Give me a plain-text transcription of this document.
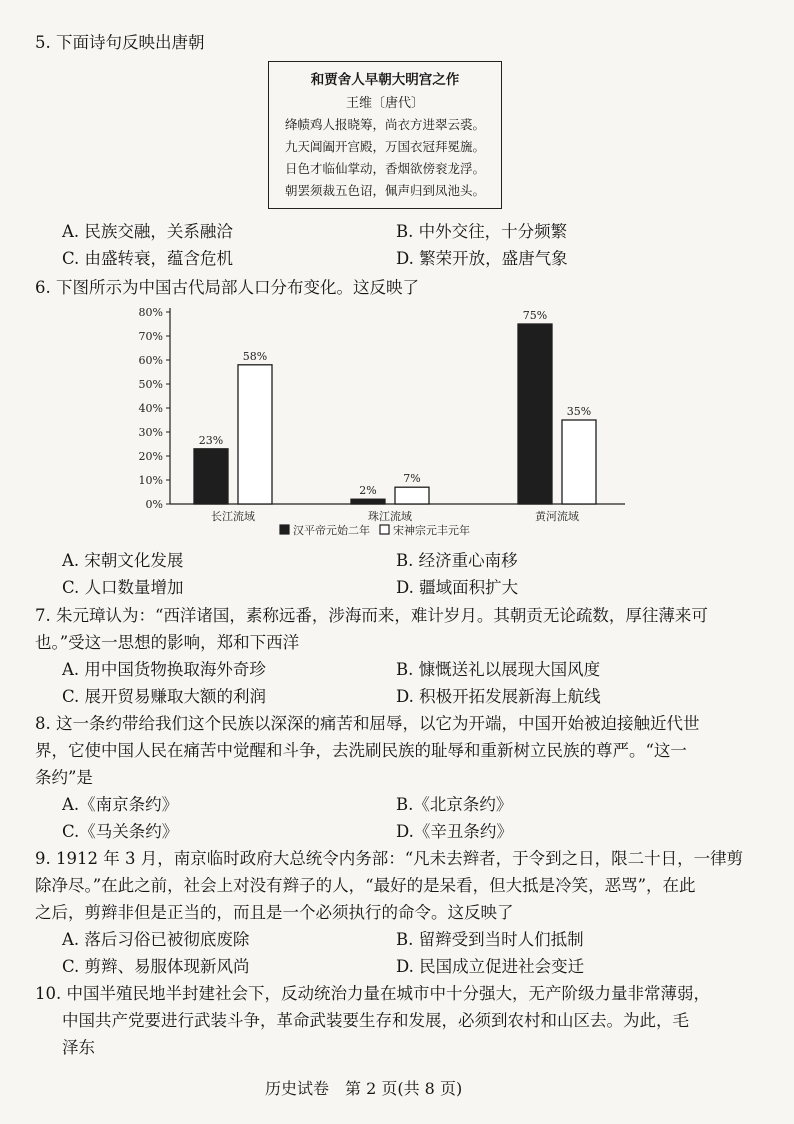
5. 下面诗句反映出唐朝
和贾舍人早朝大明宫之作
王维〔唐代〕
绛帻鸡人报晓筹，尚衣方进翠云裘。
九天阊阖开宫殿，万国衣冠拜冕旒。
日色才临仙掌动，香烟欲傍衮龙浮。
朝罢须裁五色诏，佩声归到凤池头。
A. 民族交融，关系融洽	B. 中外交往，十分频繁
C. 由盛转衰，蕴含危机	D. 繁荣开放，盛唐气象
6. 下图所示为中国古代局部人口分布变化。这反映了
0%
10%
20%
30%
40%
50%
60%
70%
80%
23%
58%
2%
7%
75%
35%
长江流域	珠江流域	黄河流域
汉平帝元始二年 宋神宗元丰元年
A. 宋朝文化发展	B. 经济重心南移
C. 人口数量增加	D. 疆域面积扩大
7. 朱元璋认为：“西洋诸国，素称远番，涉海而来，难计岁月。其朝贡无论疏数，厚往薄来可
也。”受这一思想的影响，郑和下西洋
A. 用中国货物换取海外奇珍	B. 慷慨送礼以展现大国风度
C. 展开贸易赚取大额的利润	D. 积极开拓发展新海上航线
8. 这一条约带给我们这个民族以深深的痛苦和屈辱，以它为开端，中国开始被迫接触近代世
界，它使中国人民在痛苦中觉醒和斗争，去洗刷民族的耻辱和重新树立民族的尊严。“这一
条约”是
A.《南京条约》	B.《北京条约》
C.《马关条约》	D.《辛丑条约》
9. 1912 年 3 月，南京临时政府大总统令内务部：“凡未去辫者，于令到之日，限二十日，一律剪
除净尽。”在此之前，社会上对没有辫子的人，“最好的是呆看，但大抵是冷笑，恶骂”，在此
之后，剪辫非但是正当的，而且是一个必须执行的命令。这反映了
A. 落后习俗已被彻底废除	B. 留辫受到当时人们抵制
C. 剪辫、易服体现新风尚	D. 民国成立促进社会变迁
10. 中国半殖民地半封建社会下，反动统治力量在城市中十分强大，无产阶级力量非常薄弱，
中国共产党要进行武装斗争，革命武装要生存和发展，必须到农村和山区去。为此，毛
泽东
历史试卷　第 2 页(共 8 页)
